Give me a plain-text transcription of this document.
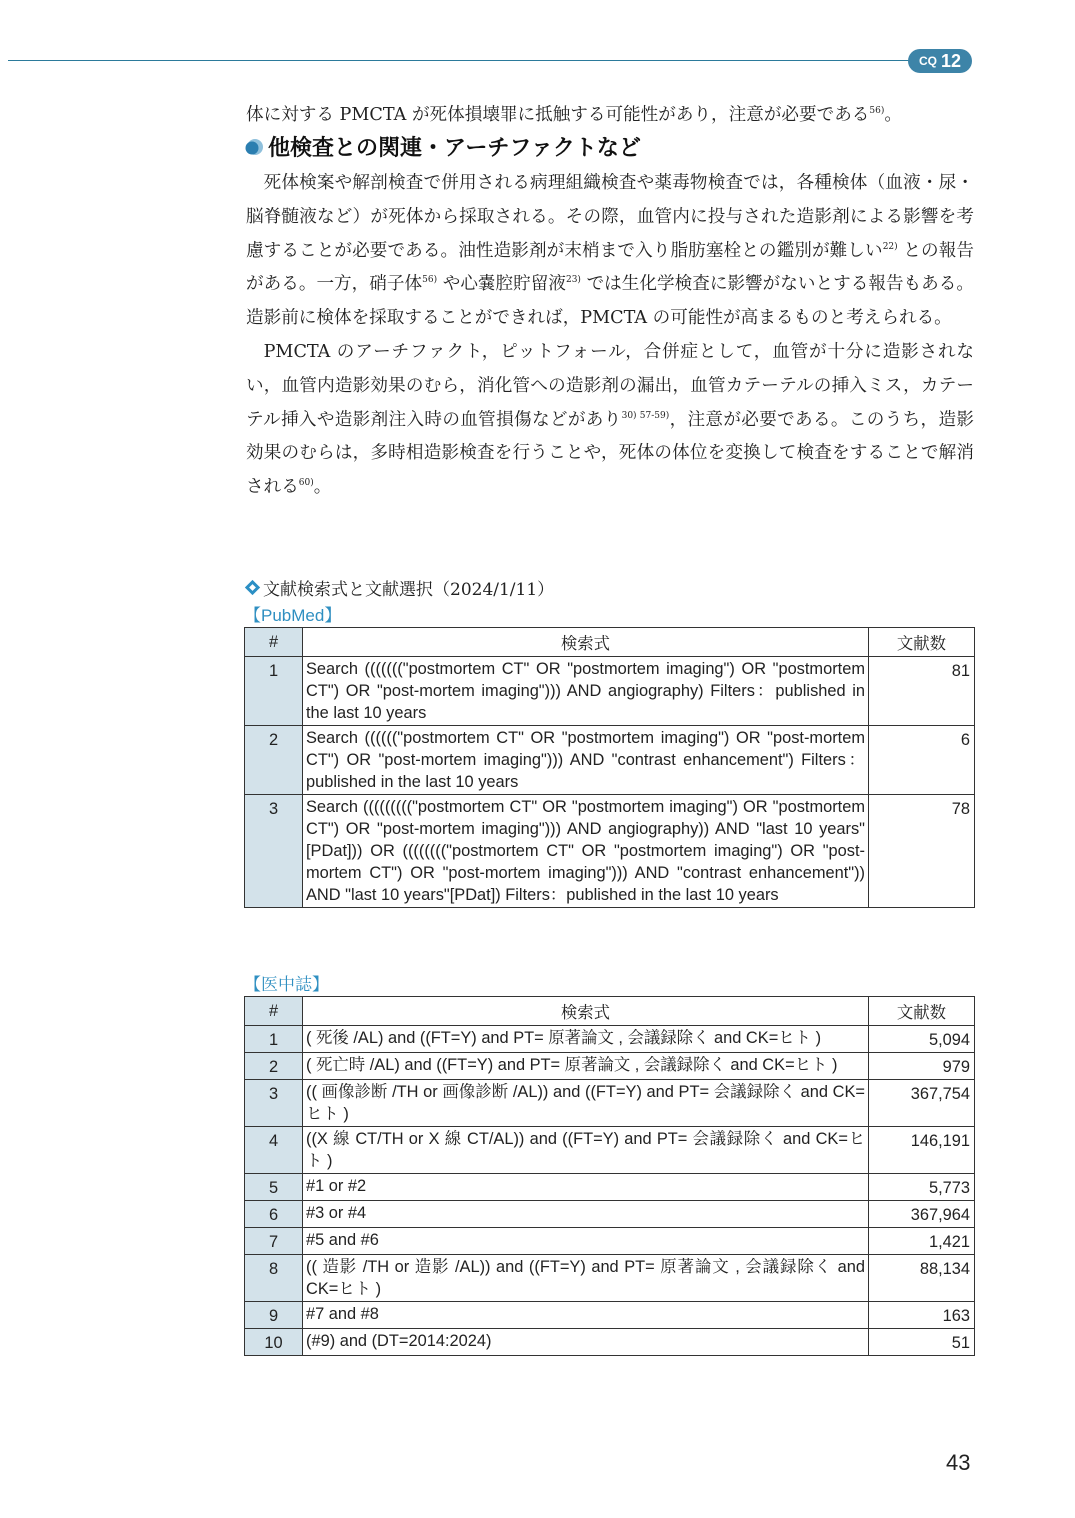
CQ 12

体に対する PMCTA が死体損壊罪に抵触する可能性があり，注意が必要である$^{56)}$。

他検査との関連・アーチファクトなど

死体検案や解剖検査で併用される病理組織検査や薬毒物検査では，各種検体（血液・尿・脳脊髄液など）が死体から採取される。その際，血管内に投与された造影剤による影響を考慮することが必要である。油性造影剤が末梢まで入り脂肪塞栓との鑑別が難しい$^{22)}$ との報告がある。一方，硝子体$^{56)}$ や心嚢腔貯留液$^{23)}$ では生化学検査に影響がないとする報告もある。造影前に検体を採取することができれば，PMCTA の可能性が高まるものと考えられる。

PMCTA のアーチファクト，ピットフォール，合併症として，血管が十分に造影されない，血管内造影効果のむら，消化管への造影剤の漏出，血管カテーテルの挿入ミス，カテーテル挿入や造影剤注入時の血管損傷などがあり$^{30) 57-59)}$，注意が必要である。このうち，造影効果のむらは，多時相造影検査を行うことや，死体の体位を変換して検査をすることで解消される$^{60)}$。

文献検索式と文献選択（2024/1/11）
【PubMed】
#	検索式	文献数
1	Search ((((((("postmortem CT" OR "postmortem imaging") OR "postmortem CT") OR "post-mortem imaging"))) AND angiography) Filters：published in the last 10 years	81
2	Search (((((("postmortem CT" OR "postmortem imaging") OR "post-mortem CT") OR "post-mortem imaging"))) AND "contrast enhancement") Filters：published in the last 10 years	6
3	Search ((((((((("postmortem CT" OR "postmortem imaging") OR "postmortem CT") OR "post-mortem imaging"))) AND angiography)) AND "last 10 years"[PDat])) OR (((((((("postmortem CT" OR "postmortem imaging") OR "post-mortem CT") OR "post-mortem imaging"))) AND "contrast enhancement")) AND "last 10 years"[PDat]) Filters：published in the last 10 years	78
【医中誌】
#	検索式	文献数
1	( 死後 /AL) and ((FT=Y) and PT= 原著論文 , 会議録除く and CK=ヒト )	5,094
2	( 死亡時 /AL) and ((FT=Y) and PT= 原著論文 , 会議録除く and CK=ヒト )	979
3	(( 画像診断 /TH or 画像診断 /AL)) and ((FT=Y) and PT= 会議録除く and CK=ヒト )	367,754
4	((X 線 CT/TH or X 線 CT/AL)) and ((FT=Y) and PT= 会議録除く and CK=ヒト )	146,191
5	#1 or #2	5,773
6	#3 or #4	367,964
7	#5 and #6	1,421
8	(( 造影 /TH or 造影 /AL)) and ((FT=Y) and PT= 原著論文 , 会議録除く and CK=ヒト )	88,134
9	#7 and #8	163
10	(#9) and (DT=2014:2024)	51
43
